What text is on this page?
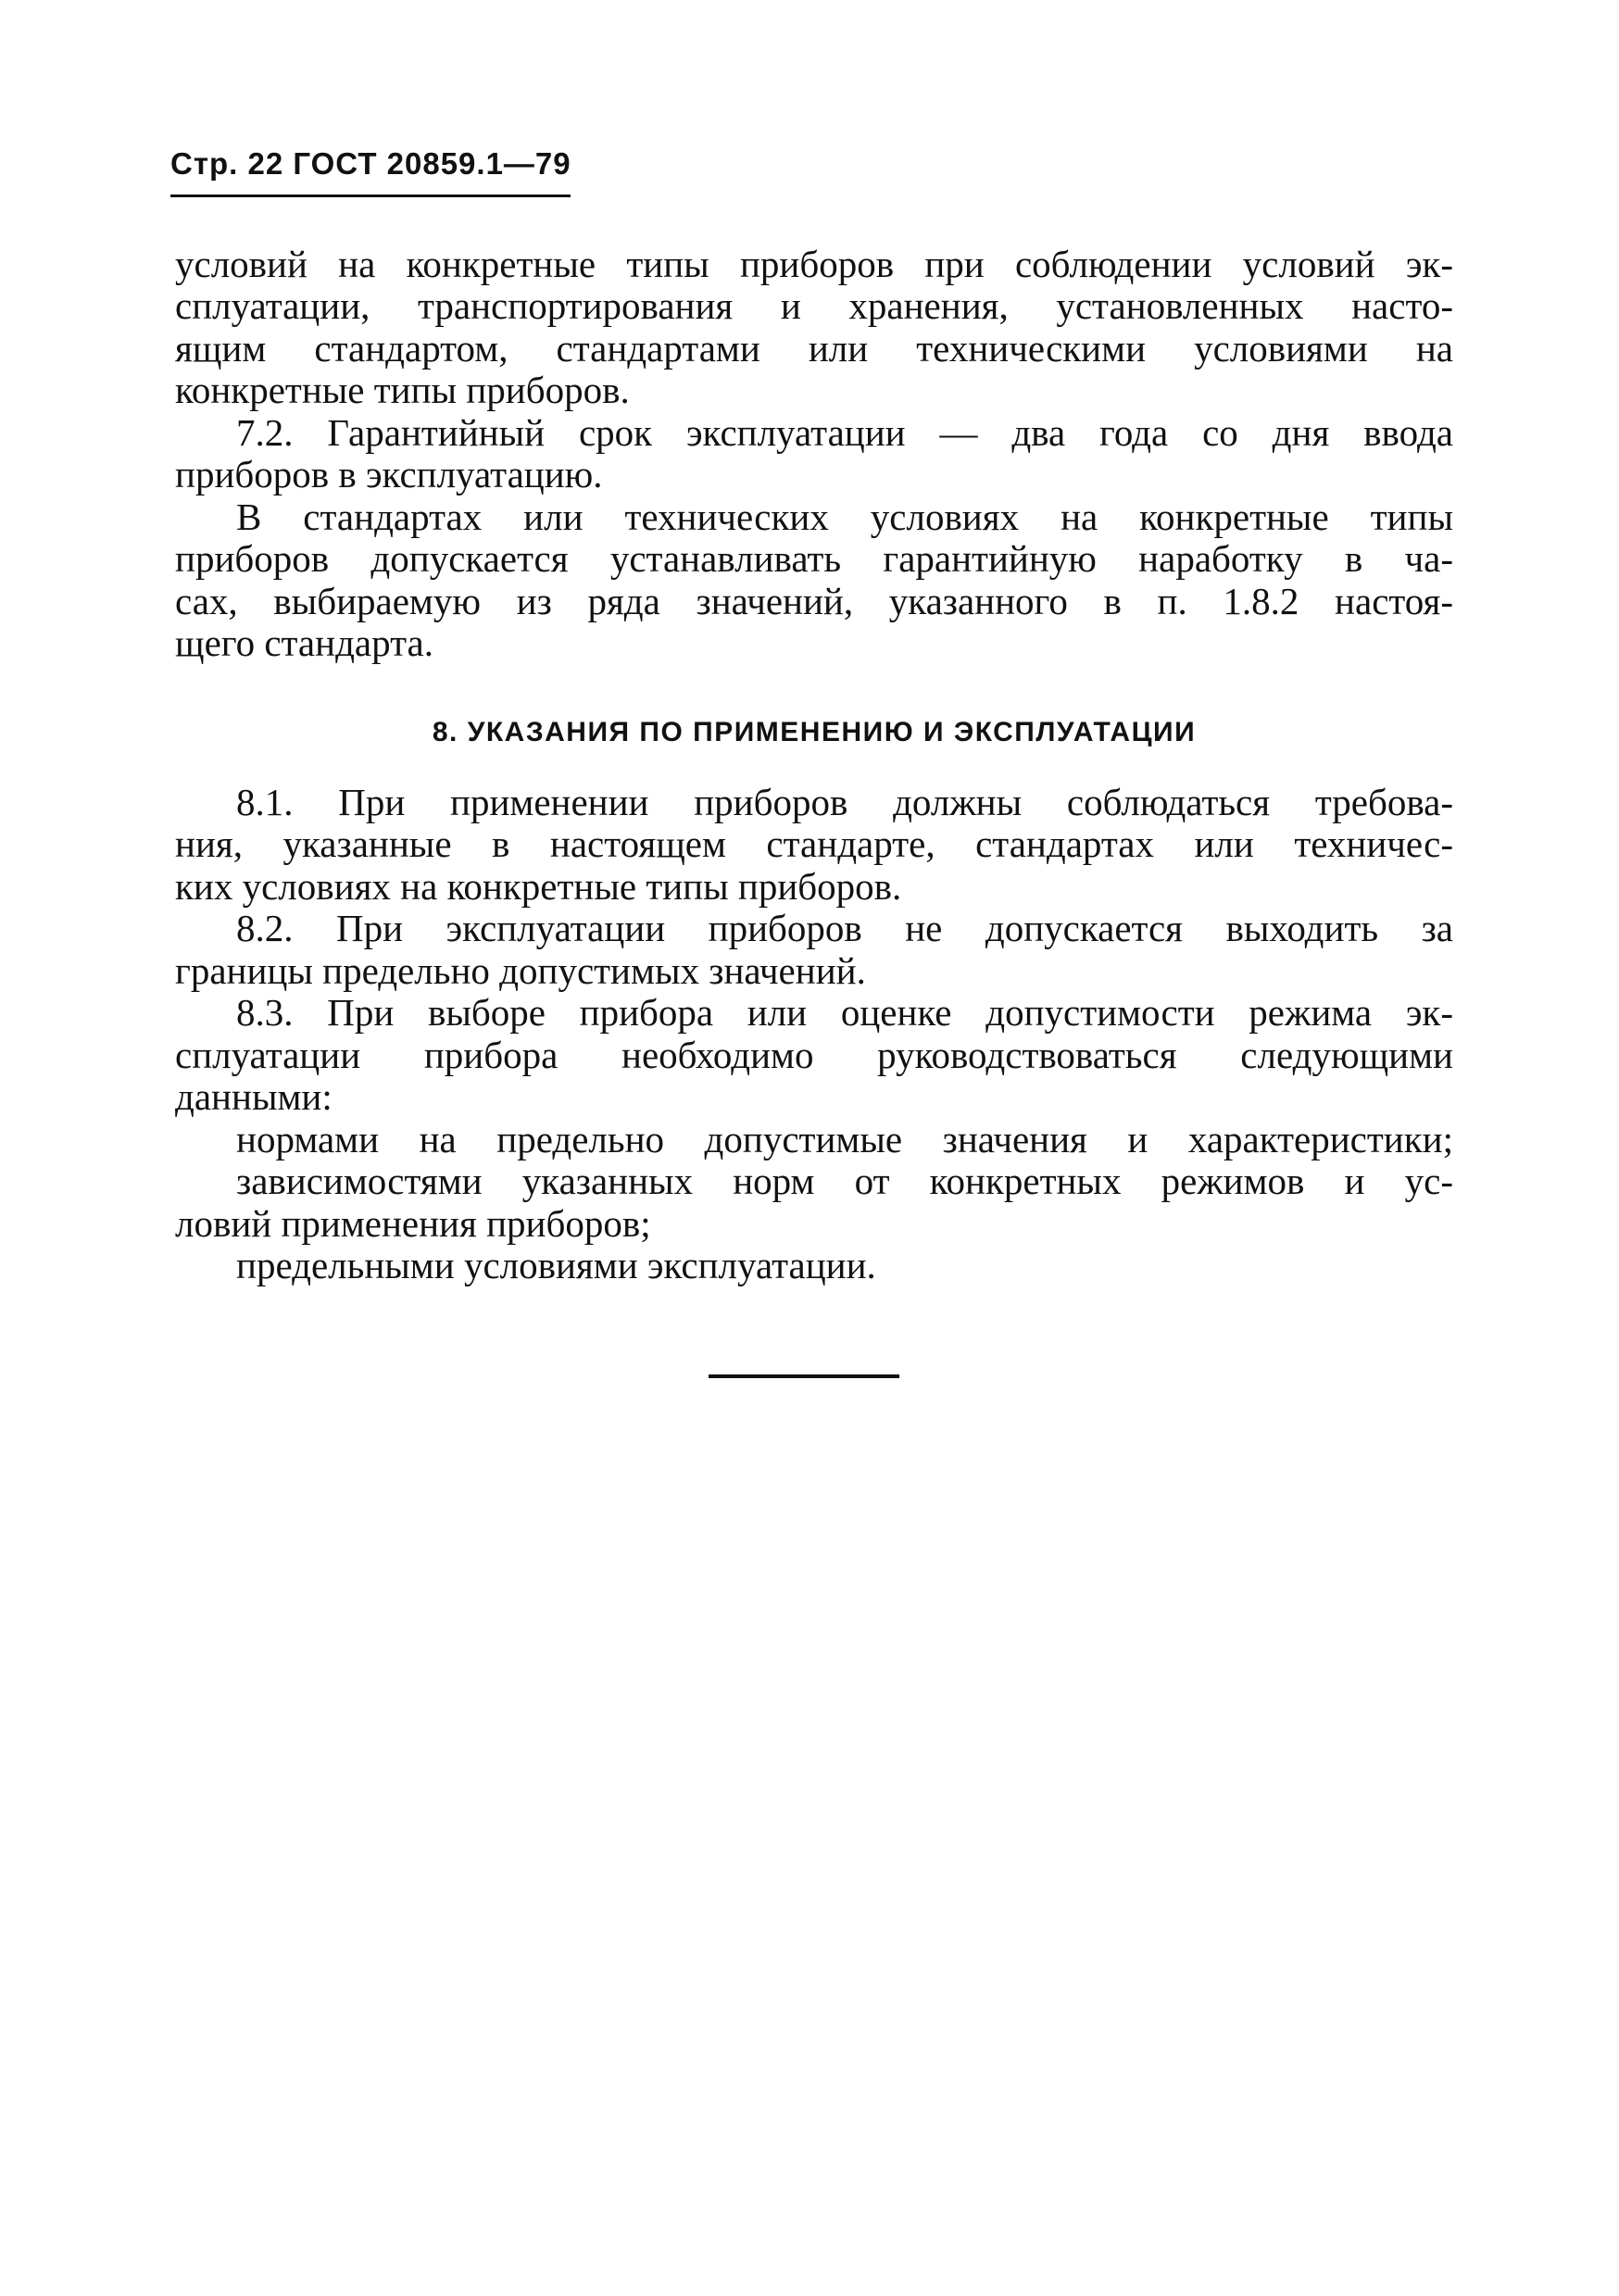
Стр. 22 ГОСТ 20859.1—79

условий на конкретные типы приборов при соблюдении условий эк-

сплуатации, транспортирования и хранения, установленных насто-

ящим стандартом, стандартами или техническими условиями на

конкретные типы приборов.

7.2. Гарантийный срок эксплуатации — два года со дня ввода

приборов в эксплуатацию.

В стандартах или технических условиях на конкретные типы

приборов допускается устанавливать гарантийную наработку в ча-

сах, выбираемую из ряда значений, указанного в п. 1.8.2 настоя-

щего стандарта.

8. УКАЗАНИЯ ПО ПРИМЕНЕНИЮ И ЭКСПЛУАТАЦИИ

8.1. При применении приборов должны соблюдаться требова-

ния, указанные в настоящем стандарте, стандартах или техничес-

ких условиях на конкретные типы приборов.

8.2. При эксплуатации приборов не допускается выходить за

границы предельно допустимых значений.

8.3. При выборе прибора или оценке допустимости режима эк-

сплуатации прибора необходимо руководствоваться следующими

данными:

нормами на предельно допустимые значения и характеристики;

зависимостями указанных норм от конкретных режимов и ус-

ловий применения приборов;

предельными условиями эксплуатации.
